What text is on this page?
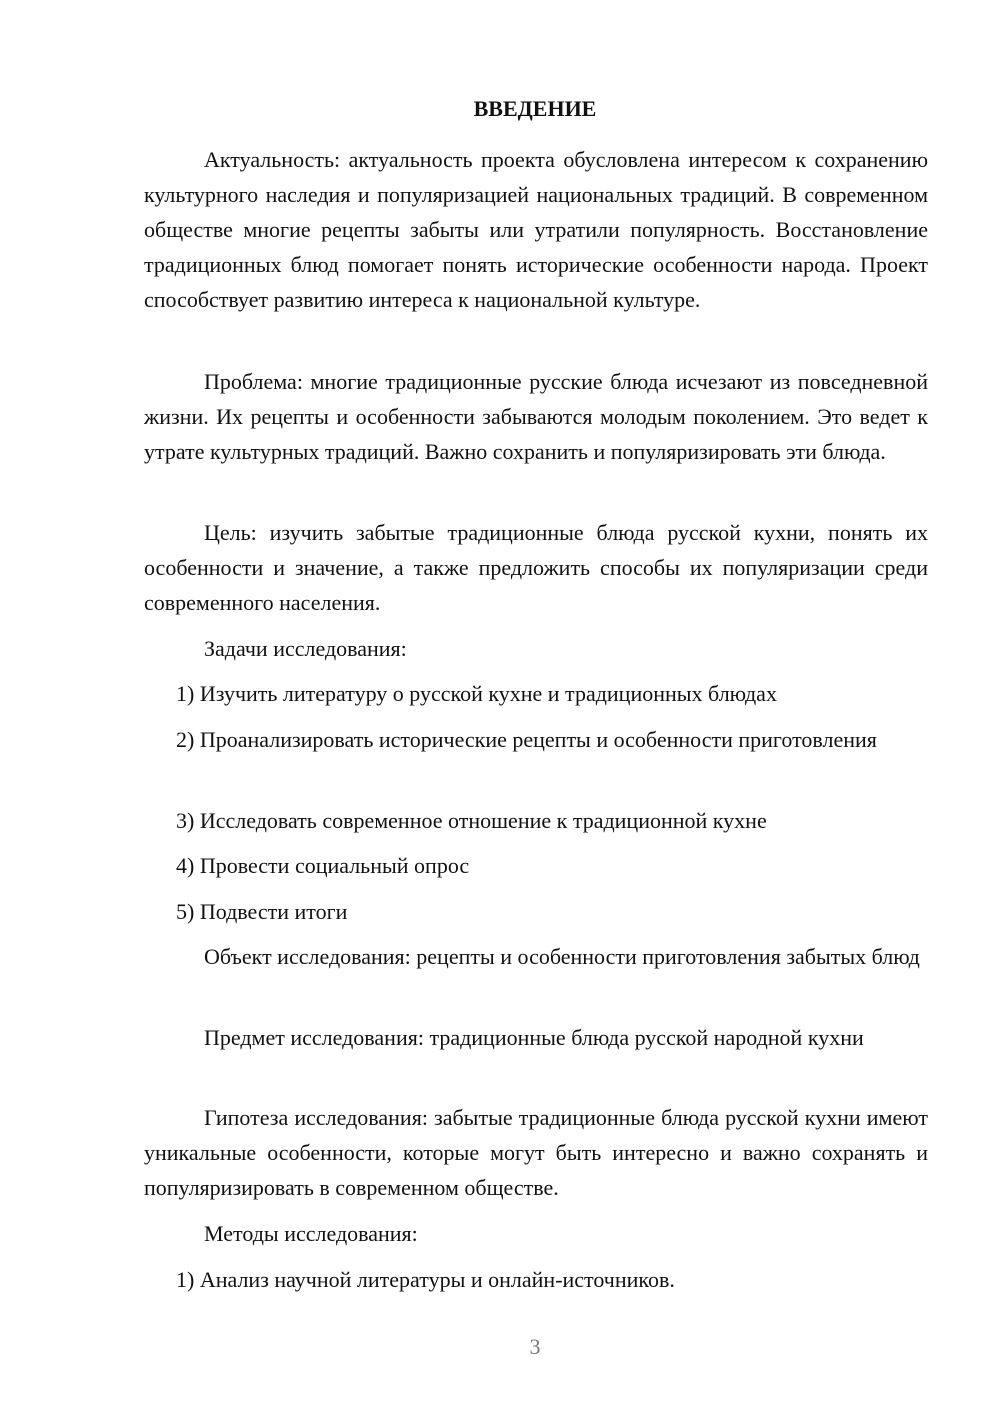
ВВЕДЕНИЕ
Актуальность: актуальность проекта обусловлена интересом к сохранению культурного наследия и популяризацией национальных традиций. В современном обществе многие рецепты забыты или утратили популярность. Восстановление традиционных блюд помогает понять исторические особенности народа. Проект способствует развитию интереса к национальной культуре.
Проблема: многие традиционные русские блюда исчезают из повседневной жизни. Их рецепты и особенности забываются молодым поколением. Это ведет к утрате культурных традиций. Важно сохранить и популяризировать эти блюда.
Цель: изучить забытые традиционные блюда русской кухни, понять их особенности и значение, а также предложить способы их популяризации среди современного населения.
Задачи исследования:
1) Изучить литературу о русской кухне и традиционных блюдах
2) Проанализировать исторические рецепты и особенности приготовления
3) Исследовать современное отношение к традиционной кухне
4) Провести социальный опрос
5) Подвести итоги
Объект исследования: рецепты и особенности приготовления забытых блюд
Предмет исследования: традиционные блюда русской народной кухни
Гипотеза исследования: забытые традиционные блюда русской кухни имеют уникальные особенности, которые могут быть интересно и важно сохранять и популяризировать в современном обществе.
Методы исследования:
1) Анализ научной литературы и онлайн-источников.
3
